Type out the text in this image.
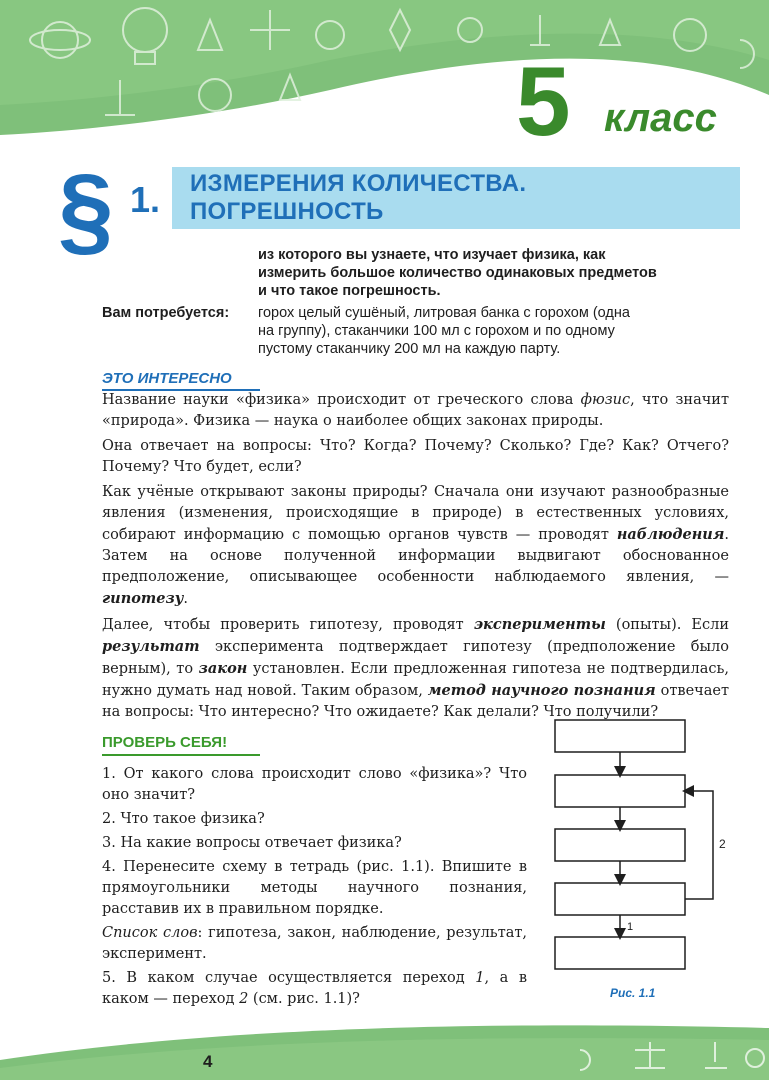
5 класс
§ 1. ИЗМЕРЕНИЯ КОЛИЧЕСТВА.
ПОГРЕШНОСТЬ
из которого вы узнаете, что изучает физика, как
измерить большое количество одинаковых предметов
и что такое погрешность.
Вам потребуется: горох целый сушёный, литровая банка с горохом (одна
на группу), стаканчики 100 мл с горохом и по одному
пустому стаканчику 200 мл на каждую парту.
ЭТО ИНТЕРЕСНО

Название науки «физика» происходит от греческого слова фюзис, что значит «природа». Физика — наука о наиболее общих законах природы.

Она отвечает на вопросы: Что? Когда? Почему? Сколько? Где? Как? Отчего? Почему? Что будет, если?

Как учёные открывают законы природы? Сначала они изучают разнообразные явления (изменения, происходящие в природе) в естественных условиях, собирают информацию с помощью органов чувств — проводят наблюдения. Затем на основе полученной информации выдвигают обоснованное предположение, описывающее особенности наблюдаемого явления, — гипотезу.

Далее, чтобы проверить гипотезу, проводят эксперименты (опыты). Если результат эксперимента подтверждает гипотезу (предположение было верным), то закон установлен. Если предложенная гипотеза не подтвердилась, нужно думать над новой. Таким образом, метод научного познания отвечает на вопросы: Что интересно? Что ожидаете? Как делали? Что получили?

ПРОВЕРЬ СЕБЯ!

1. От какого слова происходит слово «физика»? Что оно значит?

2. Что такое физика?

3. На какие вопросы отвечает физика?

4. Перенесите схему в тетрадь (рис. 1.1). Впишите в прямоугольники методы научного познания, расставив их в правильном порядке.

Список слов: гипотеза, закон, наблюдение, результат, эксперимент.

5. В каком случае осуществляется переход 1, а в каком — переход 2 (см. рис. 1.1)?

1
2
Рис. 1.1
4
